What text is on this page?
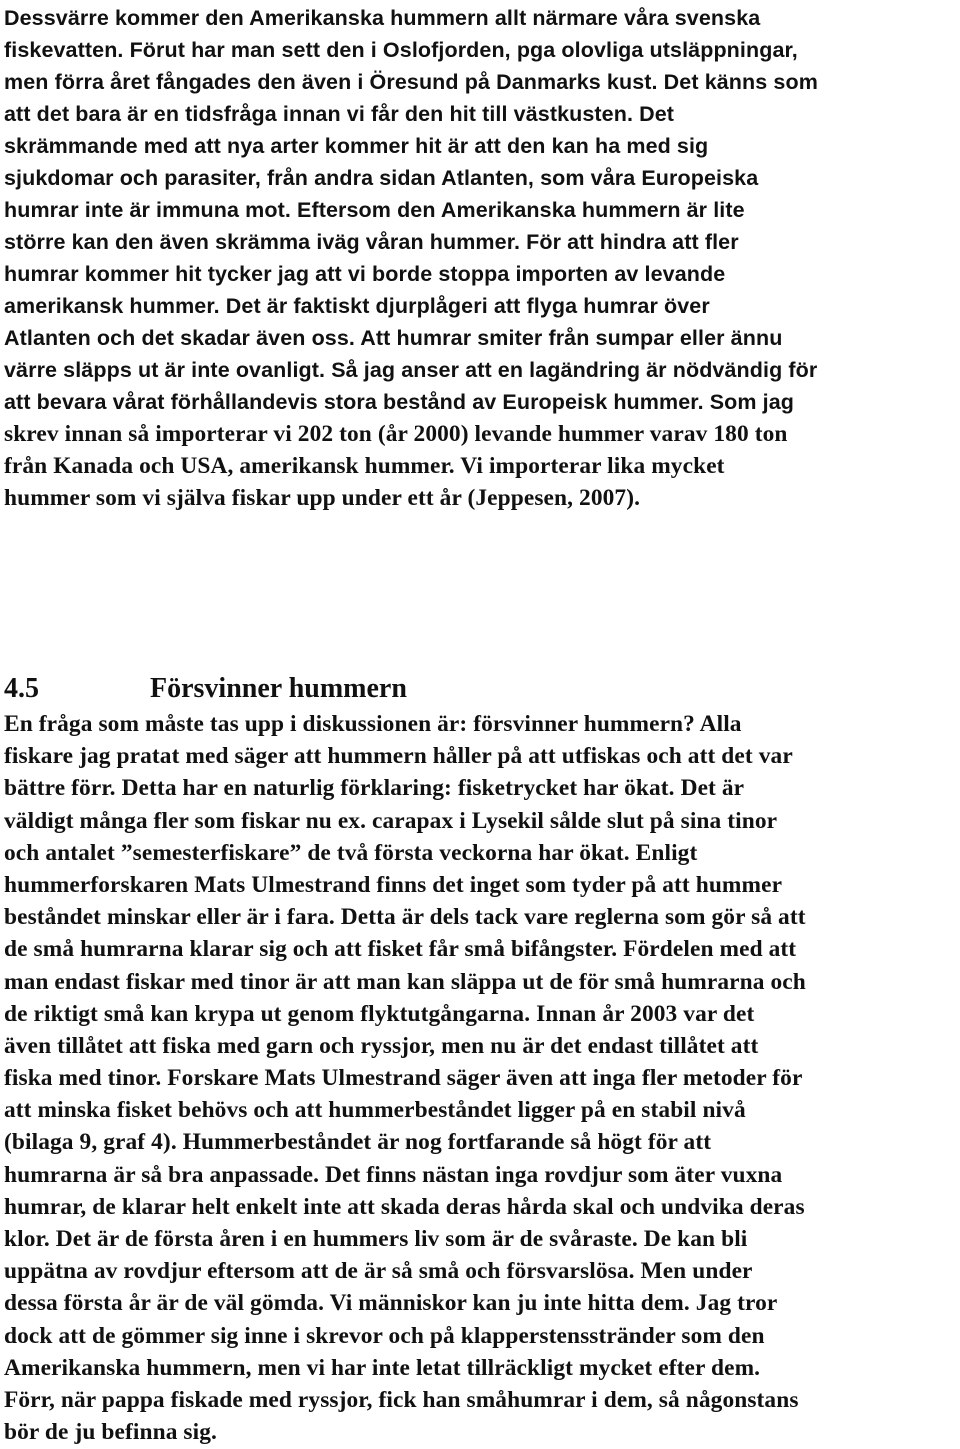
Dessvärre kommer den Amerikanska hummern allt närmare våra svenska
fiskevatten. Förut har man sett den i Oslofjorden, pga olovliga utsläppningar,
men förra året fångades den även i Öresund på Danmarks kust. Det känns som
att det bara är en tidsfråga innan vi får den hit till västkusten. Det
skrämmande med att nya arter kommer hit är att den kan ha med sig
sjukdomar och parasiter, från andra sidan Atlanten, som våra Europeiska
humrar inte är immuna mot. Eftersom den Amerikanska hummern är lite
större kan den även skrämma iväg våran hummer. För att hindra att fler
humrar kommer hit tycker jag att vi borde stoppa importen av levande
amerikansk hummer. Det är faktiskt djurplågeri att flyga humrar över
Atlanten och det skadar även oss. Att humrar smiter från sumpar eller ännu
värre släpps ut är inte ovanligt. Så jag anser att en lagändring är nödvändig för
att bevara vårat förhållandevis stora bestånd av Europeisk hummer. Som jag
skrev innan så importerar vi 202 ton (år 2000) levande hummer varav 180 ton
från Kanada och USA, amerikansk hummer. Vi importerar lika mycket
hummer som vi själva fiskar upp under ett år (Jeppesen, 2007).
4.5	Försvinner hummern
En fråga som måste tas upp i diskussionen är: försvinner hummern? Alla
fiskare jag pratat med säger att hummern håller på att utfiskas och att det var
bättre förr. Detta har en naturlig förklaring: fisketrycket har ökat. Det är
väldigt många fler som fiskar nu ex. carapax i Lysekil sålde slut på sina tinor
och antalet ”semesterfiskare” de två första veckorna har ökat. Enligt
hummerforskaren Mats Ulmestrand finns det inget som tyder på att hummer
beståndet minskar eller är i fara. Detta är dels tack vare reglerna som gör så att
de små humrarna klarar sig och att fisket får små bifångster. Fördelen med att
man endast fiskar med tinor är att man kan släppa ut de för små humrarna och
de riktigt små kan krypa ut genom flyktutgångarna. Innan år 2003 var det
även tillåtet att fiska med garn och ryssjor, men nu är det endast tillåtet att
fiska med tinor. Forskare Mats Ulmestrand säger även att inga fler metoder för
att minska fisket behövs och att hummerbeståndet ligger på en stabil nivå
(bilaga 9, graf 4). Hummerbeståndet är nog fortfarande så högt för att
humrarna är så bra anpassade. Det finns nästan inga rovdjur som äter vuxna
humrar, de klarar helt enkelt inte att skada deras hårda skal och undvika deras
klor. Det är de första åren i en hummers liv som är de svåraste. De kan bli
uppätna av rovdjur eftersom att de är så små och försvarslösa. Men under
dessa första år är de väl gömda. Vi människor kan ju inte hitta dem. Jag tror
dock att de gömmer sig inne i skrevor och på klapperstensstränder som den
Amerikanska hummern, men vi har inte letat tillräckligt mycket efter dem.
Förr, när pappa fiskade med ryssjor, fick han småhumrar i dem, så någonstans
bör de ju befinna sig.
